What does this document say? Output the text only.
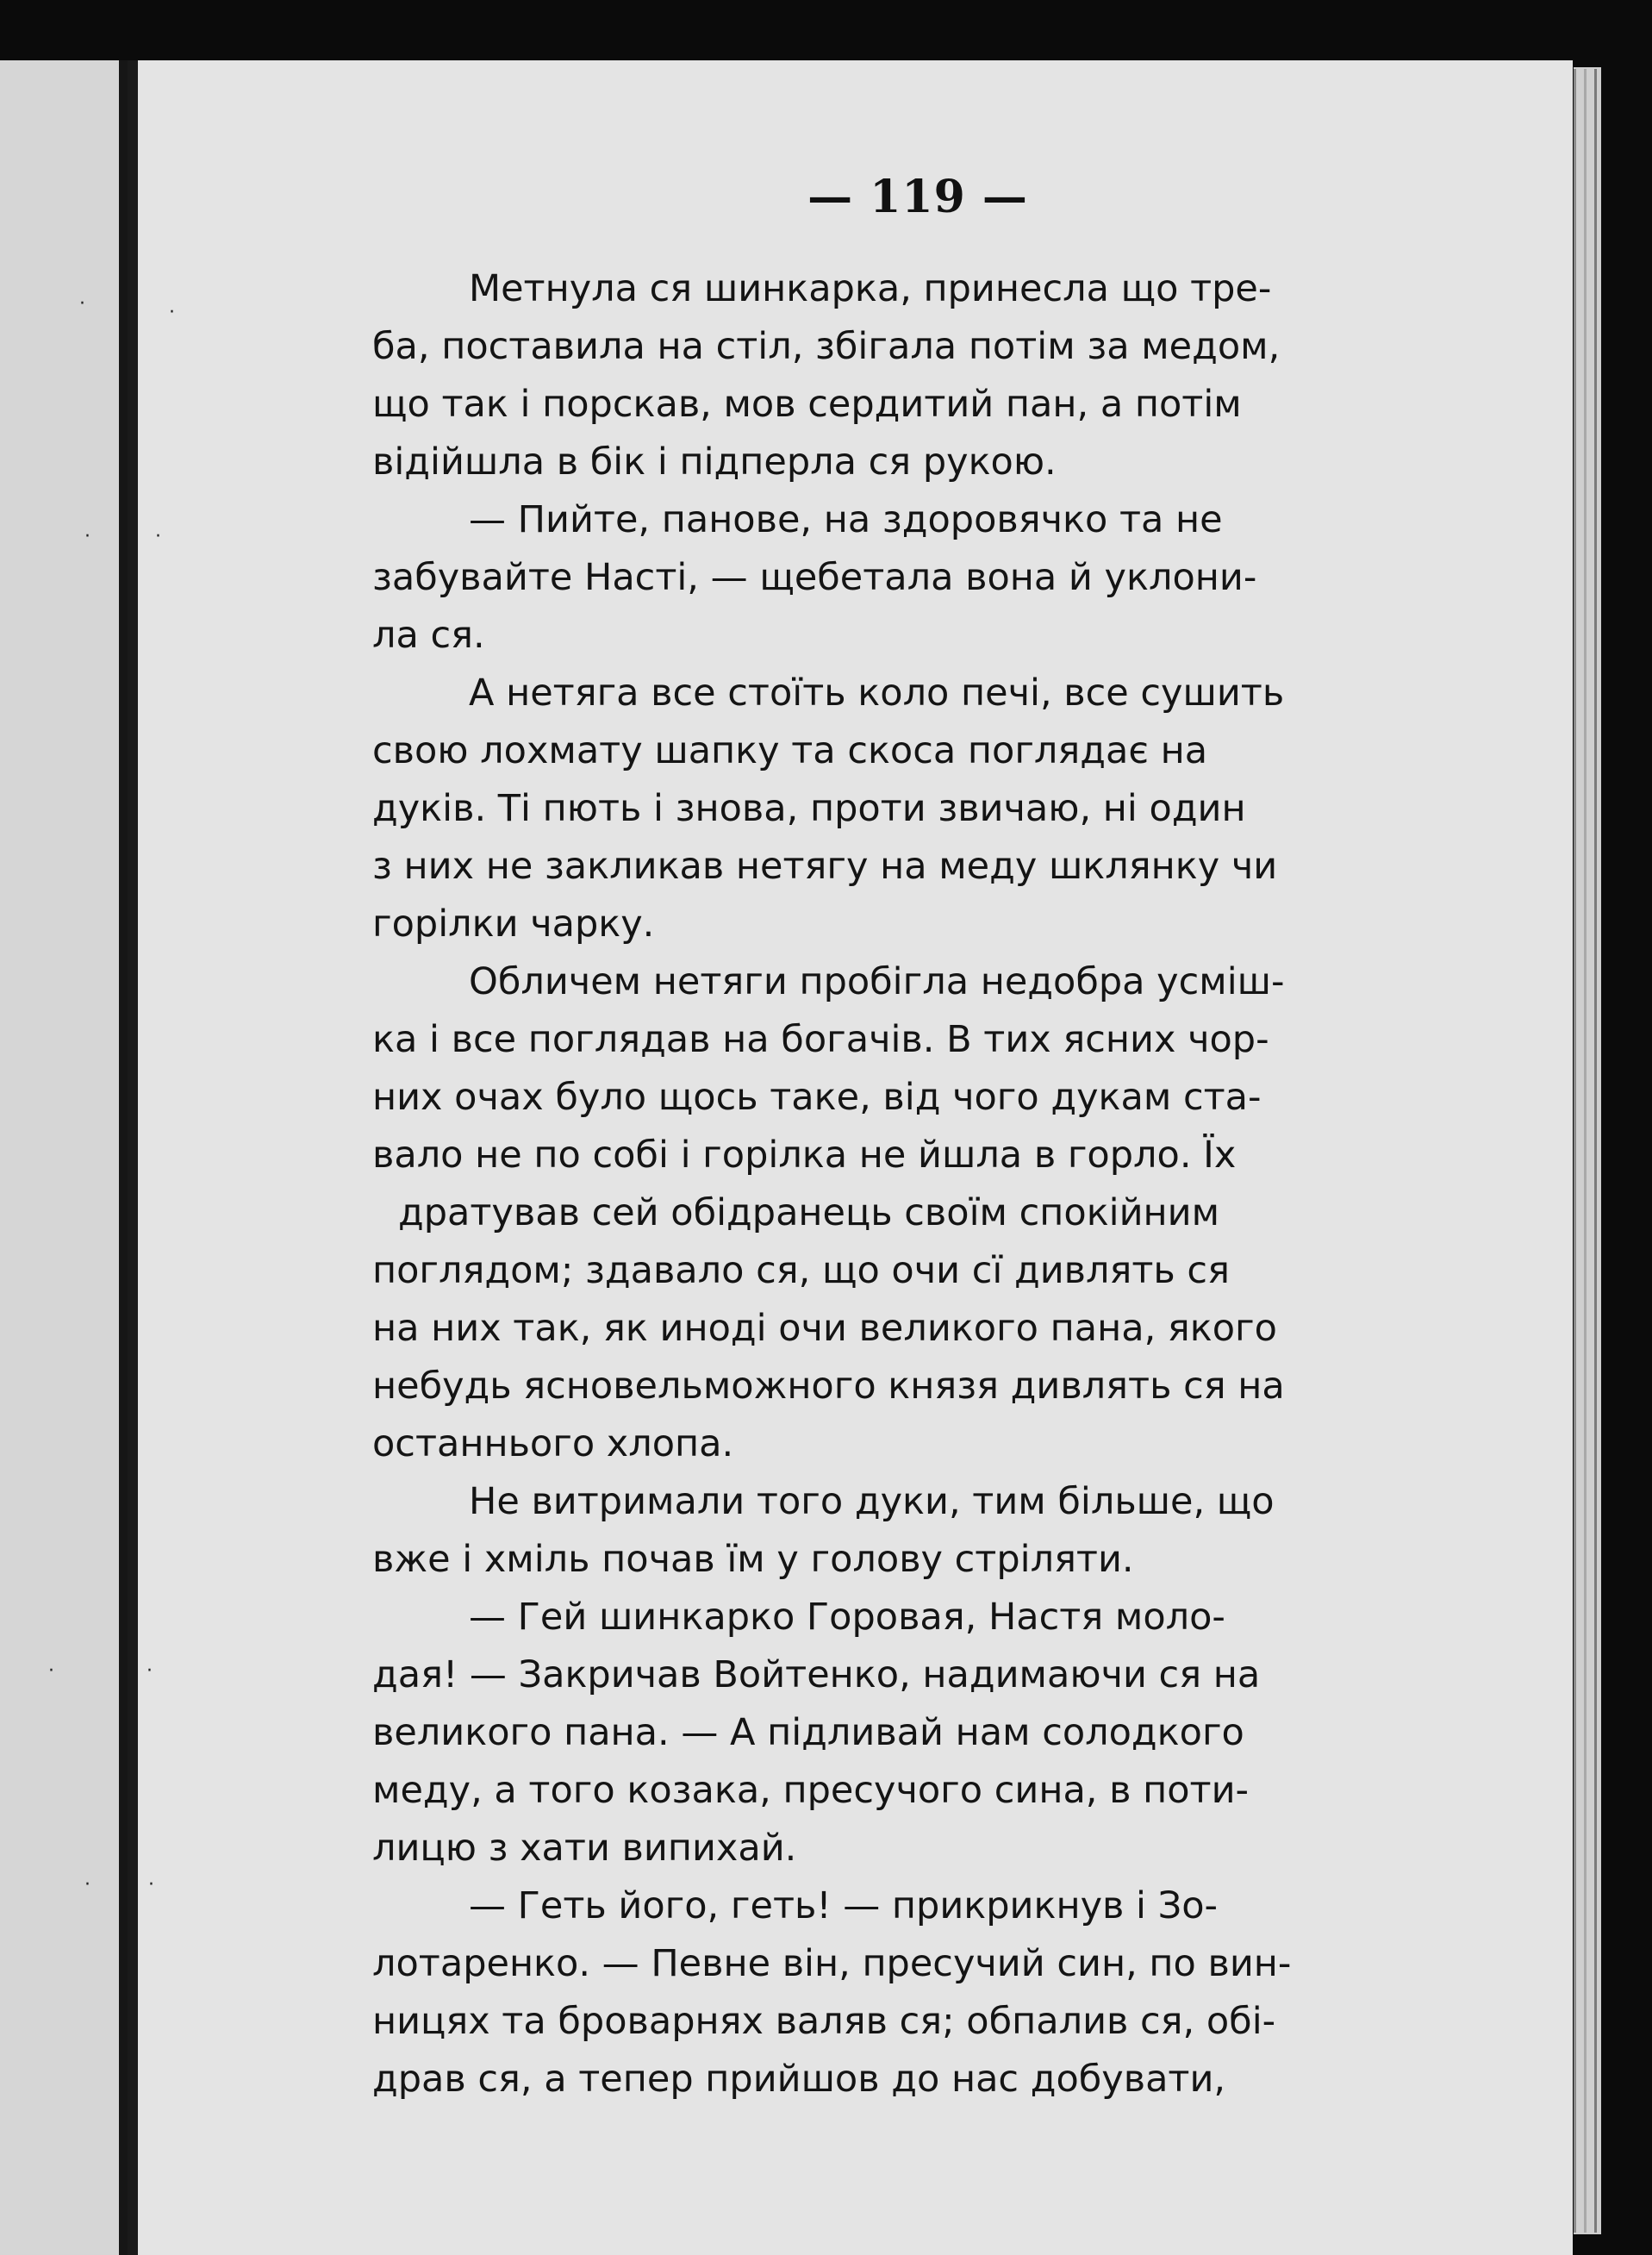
·	·
·	·
·	·
·	·
— 119 —
Метнула ся шинкарка, принесла що тре-
ба, поставила на стіл, збігала потім за медом,
що так і порскав, мов сердитий пан, а потім
відійшла в бік і підперла ся рукою.
— Пийте, панове, на здоровячко та не
забувайте Насті, — щебетала вона й уклони-
ла ся.
А нетяга все стоїть коло печі, все сушить
свою лохмату шапку та скоса поглядає на
дуків. Ті пють і знова, проти звичаю, ні один
з них не закликав нетягу на меду шклянку чи
горілки чарку.
Обличем нетяги пробігла недобра усміш-
ка і все поглядав на богачів. В тих ясних чор-
них очах було щось таке, від чого дукам ста-
вало не по собі і горілка не йшла в горло. Їх
дратував сей обідранець своїм спокійним
поглядом; здавало ся, що очи сї дивлять ся
на них так, як иноді очи великого пана, якого
небудь ясновельможного князя дивлять ся на
останнього хлопа.
Не витримали того дуки, тим більше, що
вже і хміль почав їм у голову стріляти.
— Гей шинкарко Горовая, Настя моло-
дая! — Закричав Войтенко, надимаючи ся на
великого пана. — А підливай нам солодкого
меду, а того козака, пресучого сина, в поти-
лицю з хати випихай.
— Геть його, геть! — прикрикнув і Зо-
лотаренко. — Певне він, пресучий син, по вин-
ницях та броварнях валяв ся; обпалив ся, обі-
драв ся, а тепер прийшов до нас добувати,
